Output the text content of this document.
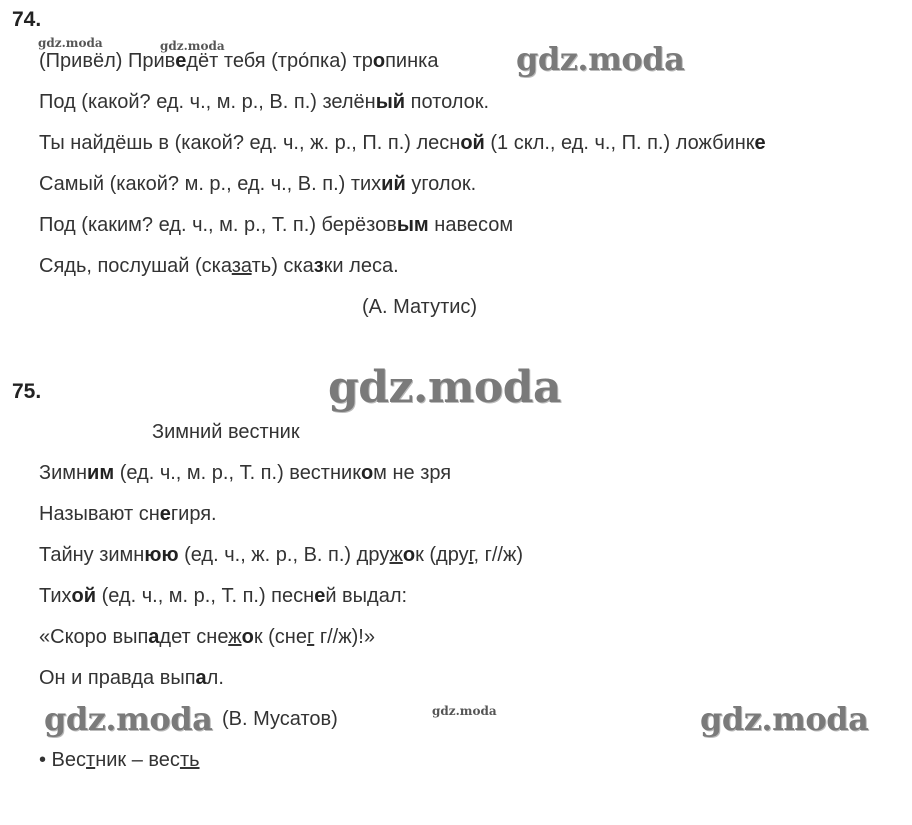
74.
gdz.moda	gdz.moda
(Привёл) Приведёт тебя (тро́пка) тропинка gdz.moda
Под (какой? ед. ч., м. р., В. п.) зелёный потолок.
Ты найдёшь в (какой? ед. ч., ж. р., П. п.) лесной (1 скл., ед. ч., П. п.) ложбинке
Самый (какой? м. р., ед. ч., В. п.) тихий уголок.
Под (каким? ед. ч., м. р., Т. п.) берёзовым навесом
Сядь, послушай (сказать) сказки леса.
(А. Матутис)
75.	gdz.moda
Зимний вестник
Зимним (ед. ч., м. р., Т. п.) вестником не зря
Называют снегиря.
Тайну зимнюю (ед. ч., ж. р., В. п.) дружок (друг, г//ж)
Тихой (ед. ч., м. р., Т. п.) песней выдал:
«Скоро выпадет снежок (снег г//ж)!»
Он и правда выпал.
gdz.moda (В. Мусатов)	gdz.moda	gdz.moda
• Вестник – весть
